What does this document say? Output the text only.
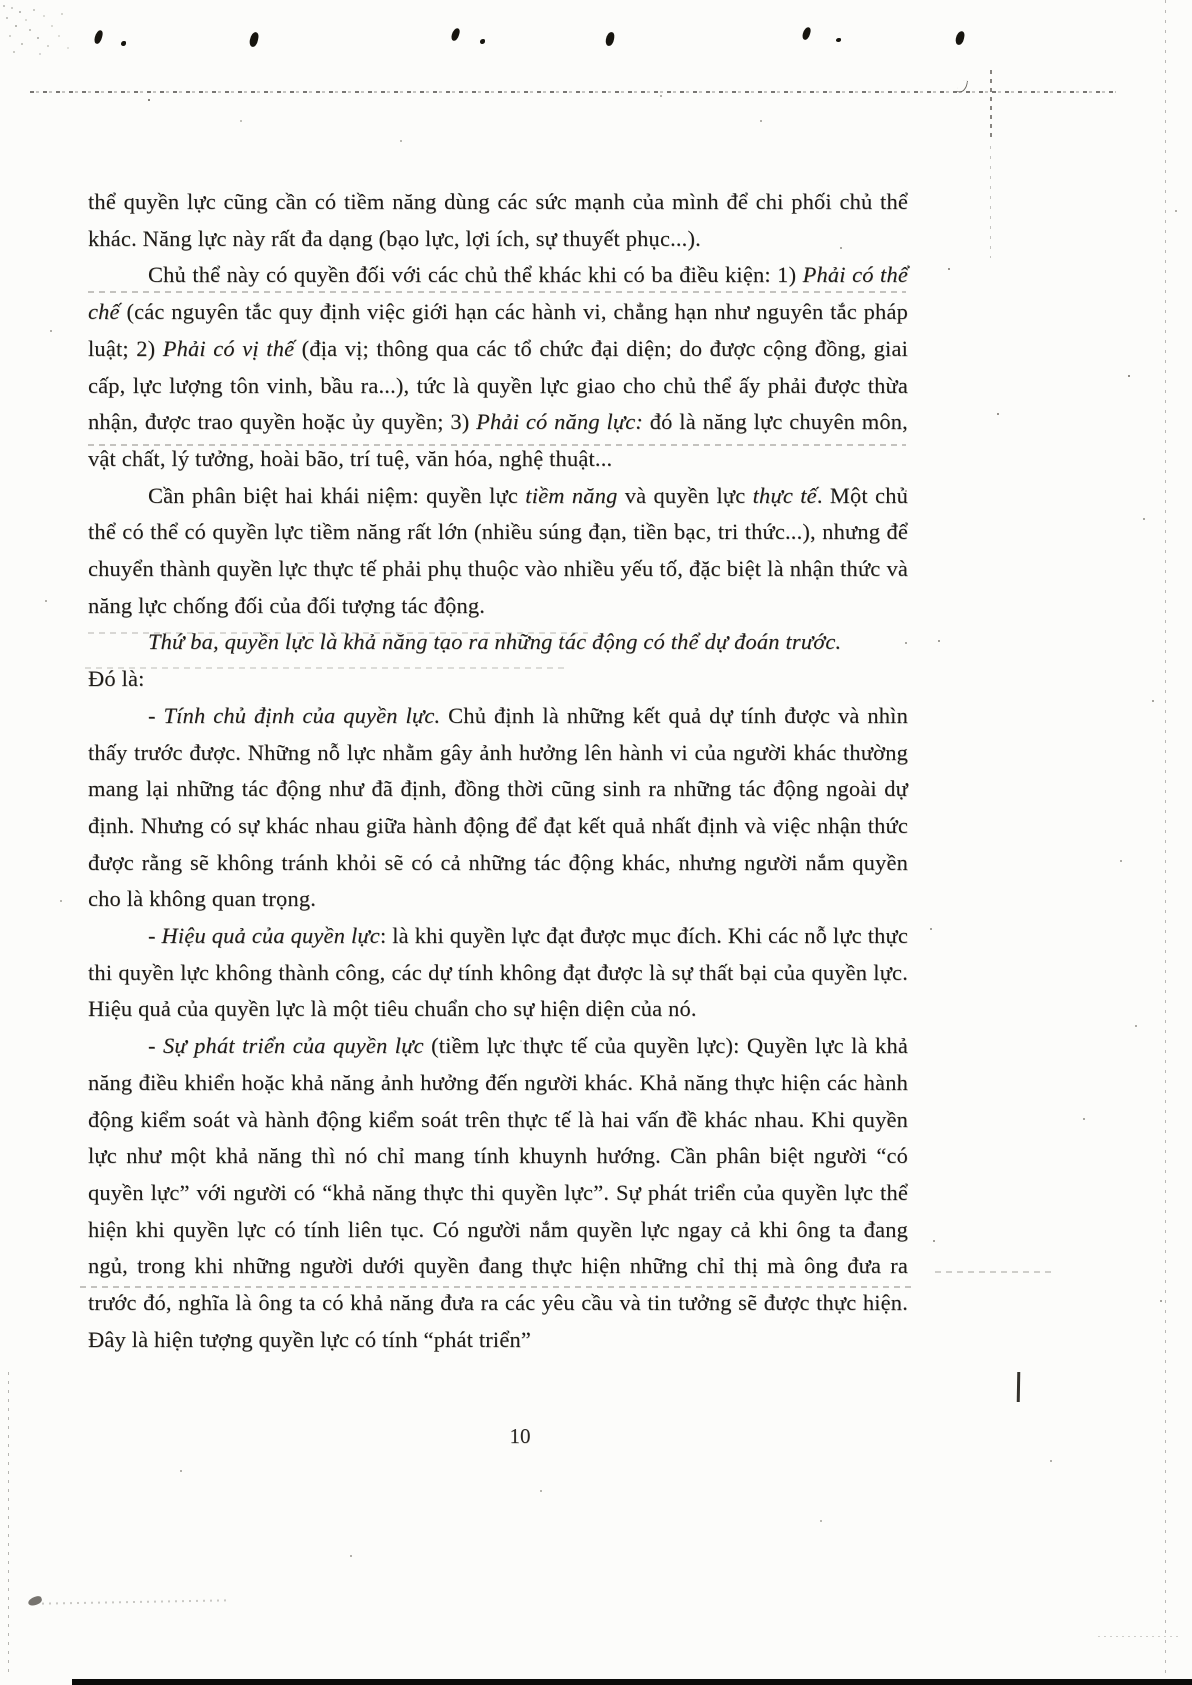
thể quyền lực cũng cần có tiềm năng dùng các sức mạnh của mình để chi phối chủ thể khác. Năng lực này rất đa dạng (bạo lực, lợi ích, sự thuyết phục...).

Chủ thể này có quyền đối với các chủ thể khác khi có ba điều kiện: 1) Phải có thể chế (các nguyên tắc quy định việc giới hạn các hành vi, chẳng hạn như nguyên tắc pháp luật; 2) Phải có vị thế (địa vị; thông qua các tổ chức đại diện; do được cộng đồng, giai cấp, lực lượng tôn vinh, bầu ra...), tức là quyền lực giao cho chủ thể ấy phải được thừa nhận, được trao quyền hoặc ủy quyền; 3) Phải có năng lực: đó là năng lực chuyên môn, vật chất, lý tưởng, hoài bão, trí tuệ, văn hóa, nghệ thuật...

Cần phân biệt hai khái niệm: quyền lực tiềm năng và quyền lực thực tế. Một chủ thể có thể có quyền lực tiềm năng rất lớn (nhiều súng đạn, tiền bạc, tri thức...), nhưng để chuyển thành quyền lực thực tế phải phụ thuộc vào nhiều yếu tố, đặc biệt là nhận thức và năng lực chống đối của đối tượng tác động.

Thứ ba, quyền lực là khả năng tạo ra những tác động có thể dự đoán trước.
Đó là:

- Tính chủ định của quyền lực. Chủ định là những kết quả dự tính được và nhìn thấy trước được. Những nỗ lực nhằm gây ảnh hưởng lên hành vi của người khác thường mang lại những tác động như đã định, đồng thời cũng sinh ra những tác động ngoài dự định. Nhưng có sự khác nhau giữa hành động để đạt kết quả nhất định và việc nhận thức được rằng sẽ không tránh khỏi sẽ có cả những tác động khác, nhưng người nắm quyền cho là không quan trọng.

- Hiệu quả của quyền lực: là khi quyền lực đạt được mục đích. Khi các nỗ lực thực thi quyền lực không thành công, các dự tính không đạt được là sự thất bại của quyền lực. Hiệu quả của quyền lực là một tiêu chuẩn cho sự hiện diện của nó.

- Sự phát triển của quyền lực (tiềm lực thực tế của quyền lực): Quyền lực là khả năng điều khiển hoặc khả năng ảnh hưởng đến người khác. Khả năng thực hiện các hành động kiểm soát và hành động kiểm soát trên thực tế là hai vấn đề khác nhau. Khi quyền lực như một khả năng thì nó chỉ mang tính khuynh hướng. Cần phân biệt người “có quyền lực” với người có “khả năng thực thi quyền lực”. Sự phát triển của quyền lực thể hiện khi quyền lực có tính liên tục. Có người nắm quyền lực ngay cả khi ông ta đang ngủ, trong khi những người dưới quyền đang thực hiện những chỉ thị mà ông đưa ra trước đó, nghĩa là ông ta có khả năng đưa ra các yêu cầu và tin tưởng sẽ được thực hiện. Đây là hiện tượng quyền lực có tính “phát triển”

10
